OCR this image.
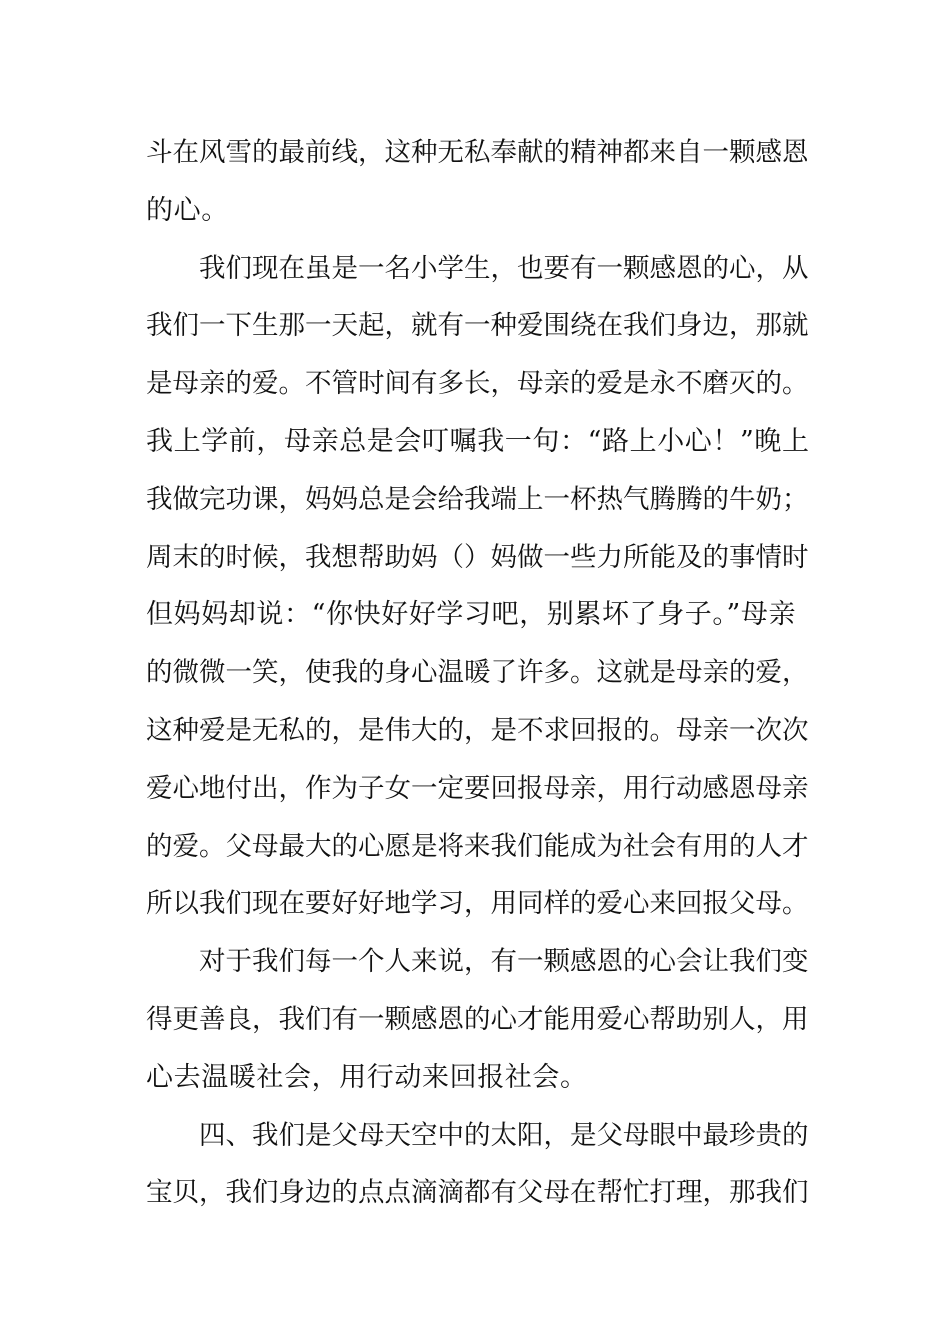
斗在风雪的最前线，这种无私奉献的精神都来自一颗感恩
的心。
我们现在虽是一名小学生，也要有一颗感恩的心，从
我们一下生那一天起，就有一种爱围绕在我们身边，那就
是母亲的爱。不管时间有多长，母亲的爱是永不磨灭的。
我上学前，母亲总是会叮嘱我一句：“路上小心！”晚上
我做完功课，妈妈总是会给我端上一杯热气腾腾的牛奶；
周末的时候，我想帮助妈（）妈做一些力所能及的事情时
但妈妈却说：“你快好好学习吧，别累坏了身子。”母亲
的微微一笑，使我的身心温暖了许多。这就是母亲的爱，
这种爱是无私的，是伟大的，是不求回报的。母亲一次次
爱心地付出，作为子女一定要回报母亲，用行动感恩母亲
的爱。父母最大的心愿是将来我们能成为社会有用的人才
所以我们现在要好好地学习，用同样的爱心来回报父母。
对于我们每一个人来说，有一颗感恩的心会让我们变
得更善良，我们有一颗感恩的心才能用爱心帮助别人，用
心去温暖社会，用行动来回报社会。
四、我们是父母天空中的太阳，是父母眼中最珍贵的
宝贝，我们身边的点点滴滴都有父母在帮忙打理，那我们
